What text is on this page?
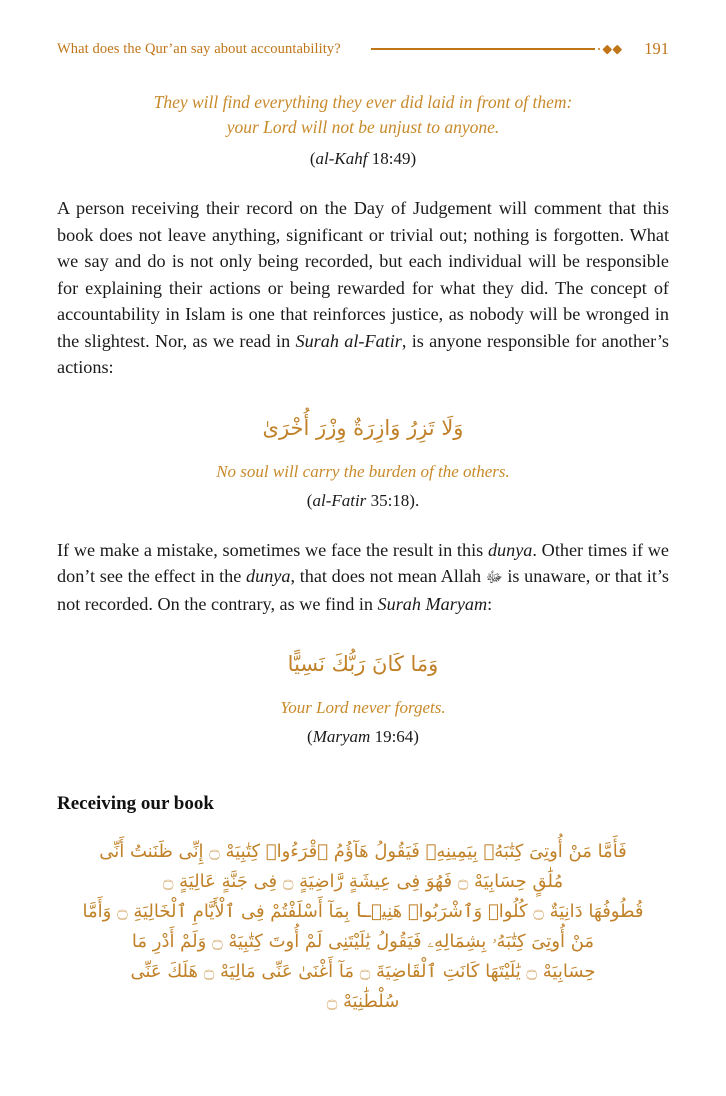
What does the Qur’an say about accountability?	191
They will find everything they ever did laid in front of them:
your Lord will not be unjust to anyone.
(al-Kahf 18:49)
A person receiving their record on the Day of Judgement will comment that this book does not leave anything, significant or trivial out; nothing is forgotten. What we say and do is not only being recorded, but each individual will be responsible for explaining their actions or being rewarded for what they did. The concept of accountability in Islam is one that reinforces justice, as nobody will be wronged in the slightest. Nor, as we read in Surah al-Fatir, is anyone responsible for another’s actions:
وَلَا تَزِرُ وَازِرَةٌ وِزْرَ أُخْرَىٰ
No soul will carry the burden of the others.
(al-Fatir 35:18).
If we make a mistake, sometimes we face the result in this dunya. Other times if we don’t see the effect in the dunya, that does not mean Allah ﷻ is unaware, or that it’s not recorded. On the contrary, as we find in Surah Maryam:
وَمَا كَانَ رَبُّكَ نَسِيًّا
Your Lord never forgets.
(Maryam 19:64)
Receiving our book
فَأَمَّا مَنْ أُوتِىَ كِتَٰبَهُۥ بِيَمِينِهِۦ فَيَقُولُ هَآؤُمُ ٱقْرَءُوا۟ كِتَٰبِيَهْ ۝ إِنِّى ظَنَنتُ أَنِّى
مُلَٰقٍ حِسَابِيَهْ ۝ فَهُوَ فِى عِيشَةٍ رَّاضِيَةٍ ۝ فِى جَنَّةٍ عَالِيَةٍ ۝
قُطُوفُهَا دَانِيَةٌ ۝ كُلُوا۟ وَٱشْرَبُوا۟ هَنِيۤـاۢ بِمَآ أَسْلَفْتُمْ فِى ٱلْأَيَّامِ ٱلْخَالِيَةِ ۝ وَأَمَّا
مَنْ أُوتِىَ كِتَٰبَهُۥ بِشِمَالِهِۦ فَيَقُولُ يَٰلَيْتَنِى لَمْ أُوتَ كِتَٰبِيَهْ ۝ وَلَمْ أَدْرِ مَا
حِسَابِيَهْ ۝ يَٰلَيْتَهَا كَانَتِ ٱلْقَاضِيَةَ ۝ مَآ أَغْنَىٰ عَنِّى مَالِيَهْ ۝ هَلَكَ عَنِّى
سُلْطَٰنِيَهْ ۝
